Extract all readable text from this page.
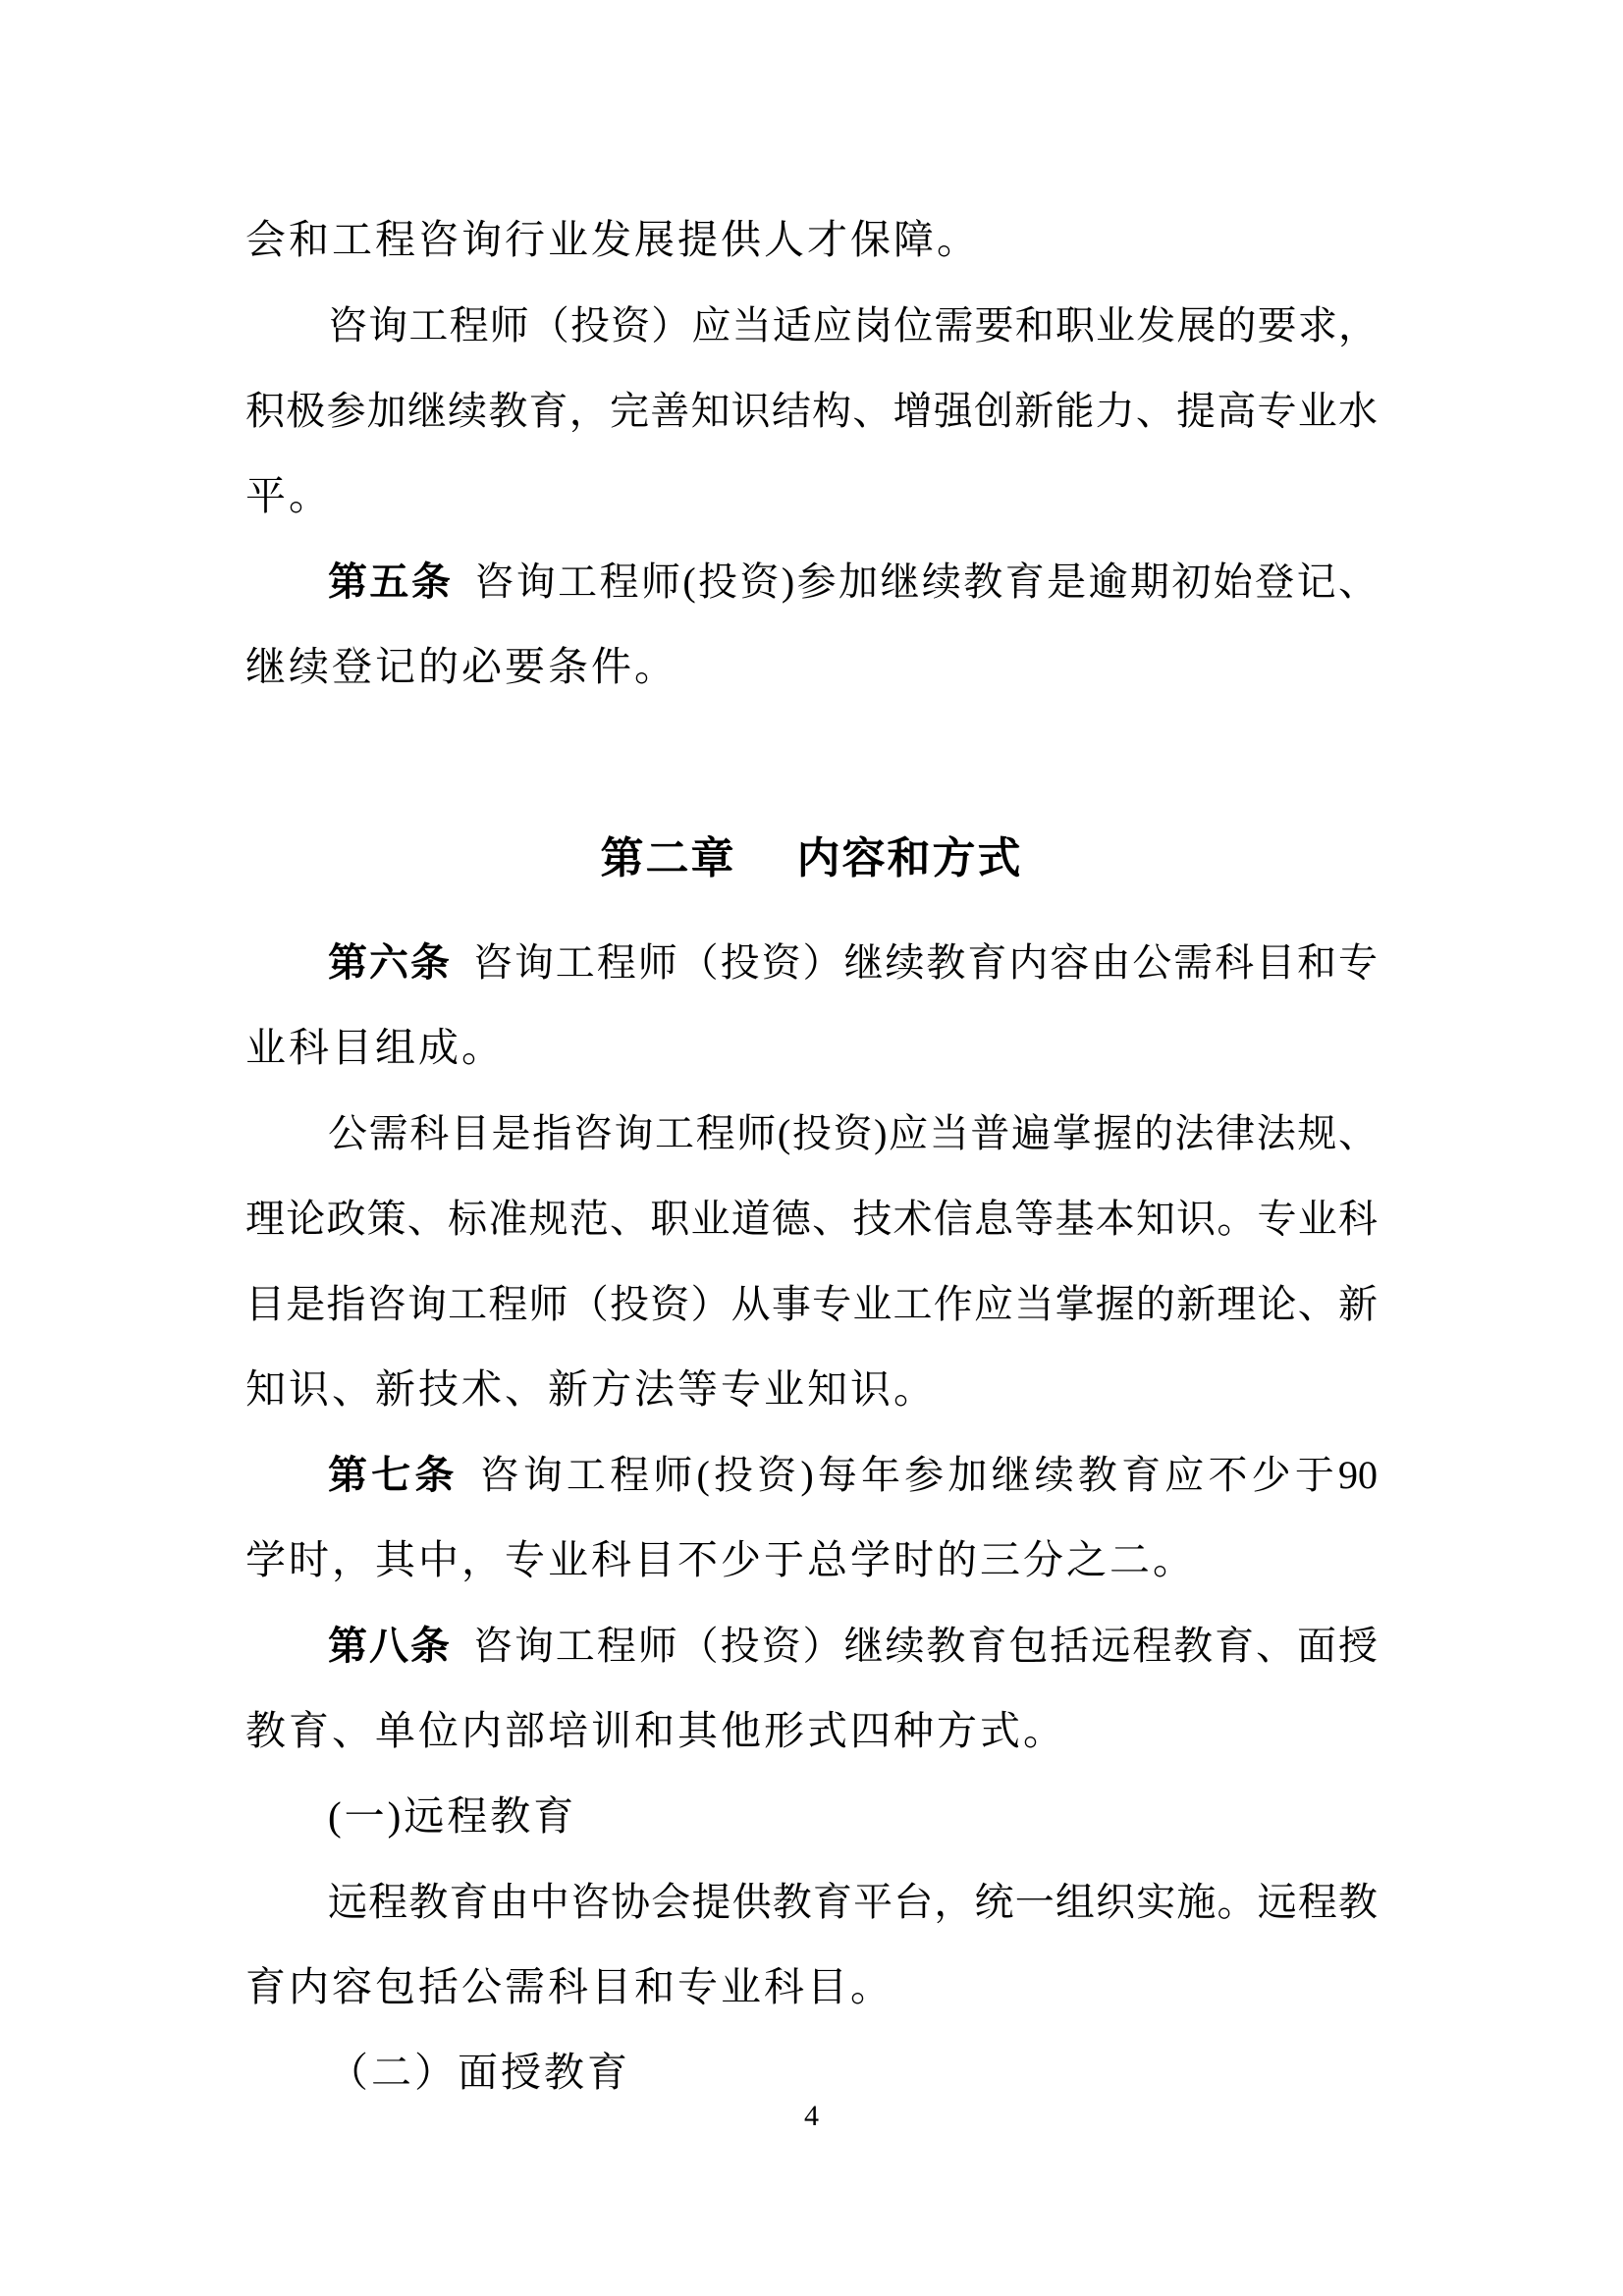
会和工程咨询行业发展提供人才保障。
咨询工程师（投资）应当适应岗位需要和职业发展的要求，
积极参加继续教育，完善知识结构、增强创新能力、提高专业水
平。
第五条 咨询工程师(投资)参加继续教育是逾期初始登记、
继续登记的必要条件。
第二章 内容和方式
第六条 咨询工程师（投资）继续教育内容由公需科目和专
业科目组成。
公需科目是指咨询工程师(投资)应当普遍掌握的法律法规、
理论政策、标准规范、职业道德、技术信息等基本知识。专业科
目是指咨询工程师（投资）从事专业工作应当掌握的新理论、新
知识、新技术、新方法等专业知识。
第七条 咨询工程师(投资)每年参加继续教育应不少于90
学时，其中，专业科目不少于总学时的三分之二。
第八条 咨询工程师（投资）继续教育包括远程教育、面授
教育、单位内部培训和其他形式四种方式。
(一)远程教育
远程教育由中咨协会提供教育平台，统一组织实施。远程教
育内容包括公需科目和专业科目。
（二）面授教育
4
